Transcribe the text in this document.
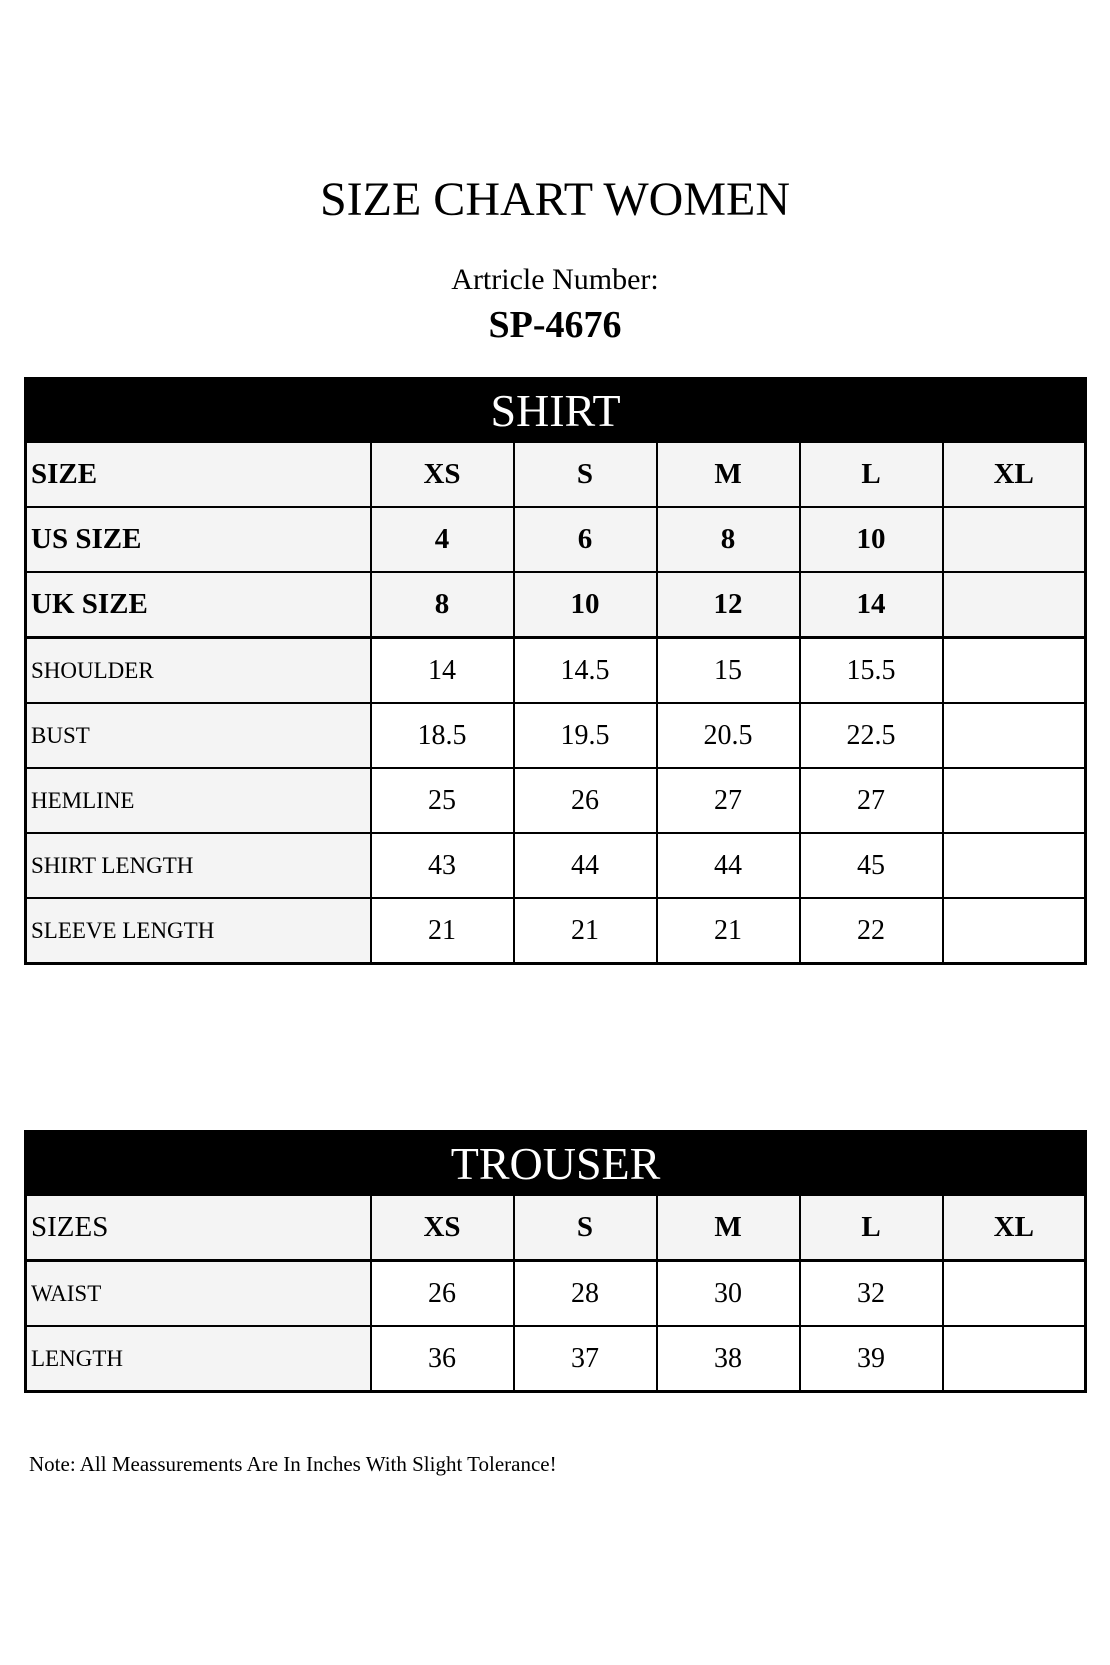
SIZE CHART WOMEN
Artricle Number:
SP-4676
SHIRT					
SIZE	XS	S	M	L	XL
US SIZE	4	6	8	10	
UK SIZE	8	10	12	14	
SHOULDER	14	14.5	15	15.5	
BUST	18.5	19.5	20.5	22.5	
HEMLINE	25	26	27	27	
SHIRT LENGTH	43	44	44	45	
SLEEVE LENGTH	21	21	21	22	
TROUSER					
SIZES	XS	S	M	L	XL
WAIST	26	28	30	32	
LENGTH	36	37	38	39	
Note: All Meassurements Are In Inches With Slight Tolerance!
